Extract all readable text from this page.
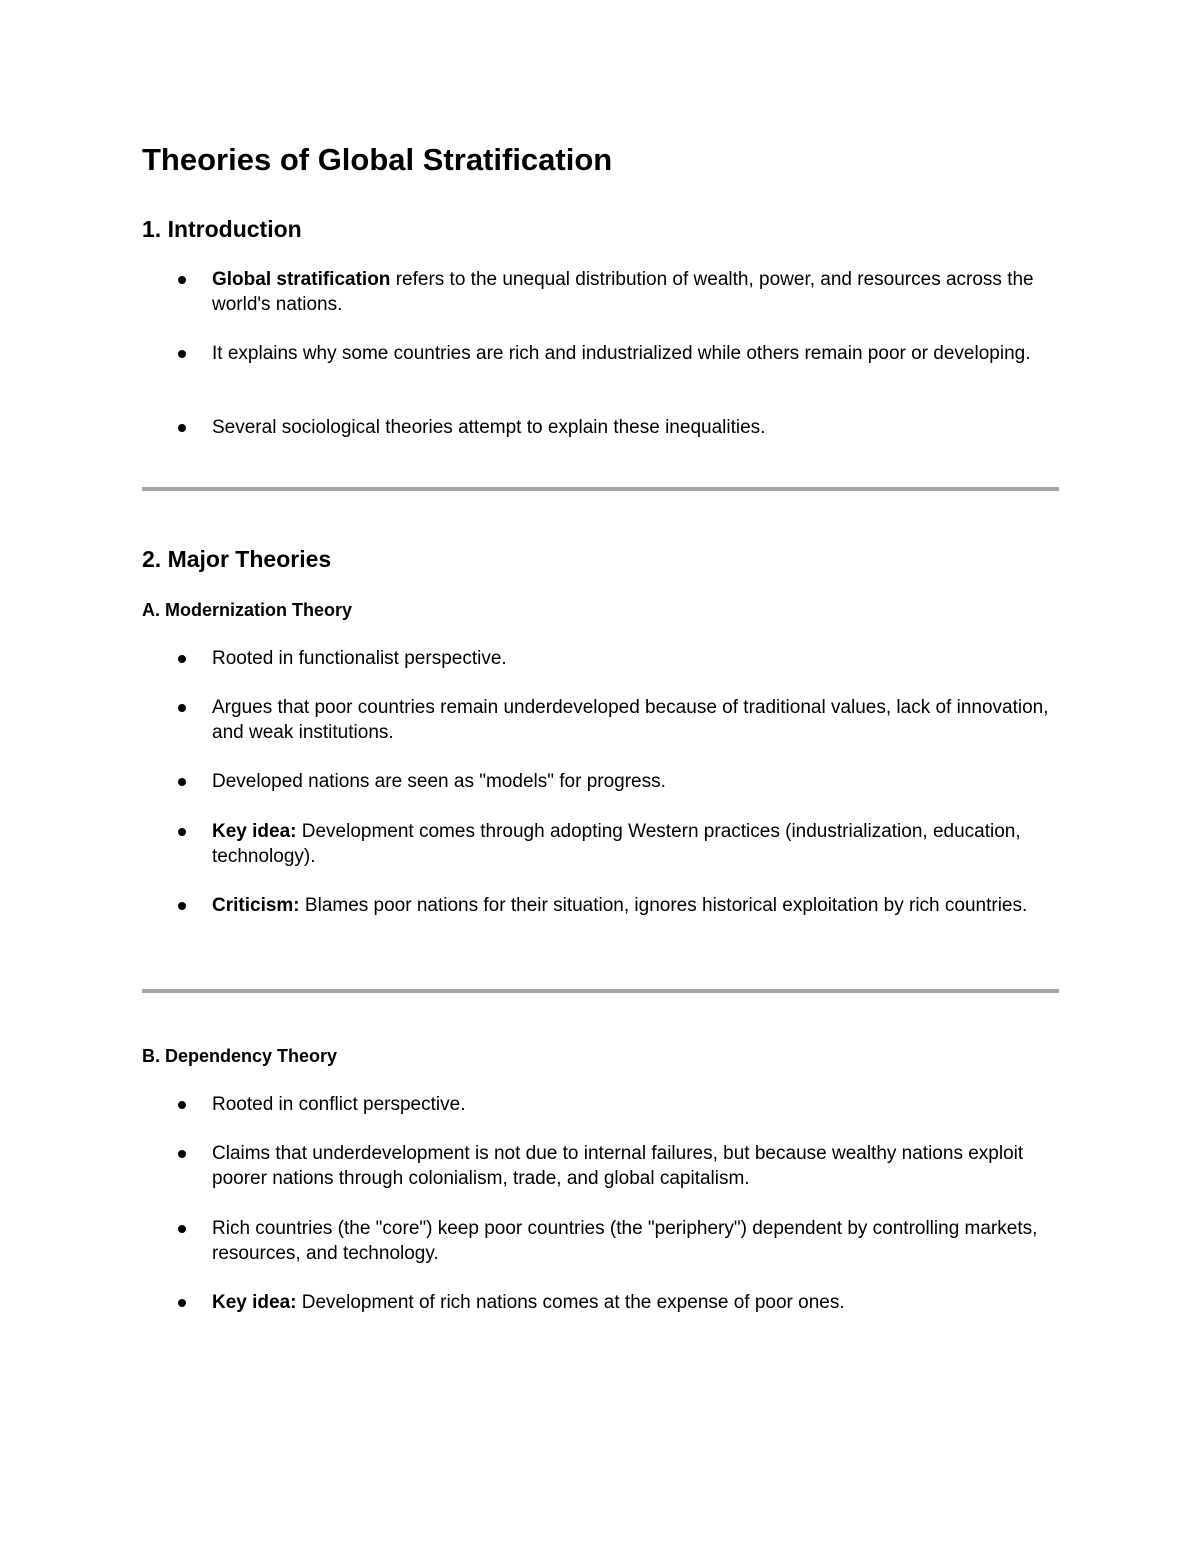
Theories of Global Stratification
1. Introduction
Global stratification refers to the unequal distribution of wealth, power, and resources across the world's nations.
It explains why some countries are rich and industrialized while others remain poor or developing.
Several sociological theories attempt to explain these inequalities.
2. Major Theories
A. Modernization Theory
Rooted in functionalist perspective.
Argues that poor countries remain underdeveloped because of traditional values, lack of innovation, and weak institutions.
Developed nations are seen as "models" for progress.
Key idea: Development comes through adopting Western practices (industrialization, education, technology).
Criticism: Blames poor nations for their situation, ignores historical exploitation by rich countries.
B. Dependency Theory
Rooted in conflict perspective.
Claims that underdevelopment is not due to internal failures, but because wealthy nations exploit poorer nations through colonialism, trade, and global capitalism.
Rich countries (the "core") keep poor countries (the "periphery") dependent by controlling markets, resources, and technology.
Key idea: Development of rich nations comes at the expense of poor ones.
